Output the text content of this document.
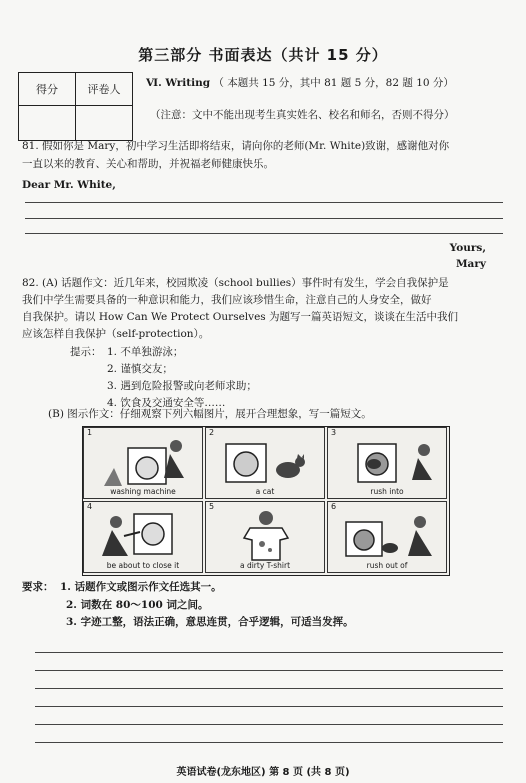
第三部分 书面表达（共计 15 分）
得分	评卷人
	Ⅵ. Writing （ 本题共 15 分，其中 81 题 5 分，82 题 10 分）
（注意：文中不能出现考生真实姓名、校名和师名，否则不得分）
81. 假如你是 Mary，初中学习生活即将结束，请向你的老师(Mr. White)致谢，感谢他对你
一直以来的教育、关心和帮助，并祝福老师健康快乐。
Dear Mr. White,
Yours,
Mary
82. (A) 话题作文：近几年来，校园欺凌（school bullies）事件时有发生，学会自我保护是
我们中学生需要具备的一种意识和能力，我们应该珍惜生命，注意自己的人身安全，做好
自我保护。请以 How Can We Protect Ourselves 为题写一篇英语短文，谈谈在生活中我们
应该怎样自我保护（self-protection）。
提示： 1. 不单独游泳；
2. 谨慎交友；
3. 遇到危险报警或向老师求助；
4. 饮食及交通安全等……
(B) 图示作文：仔细观察下列六幅图片，展开合理想象，写一篇短文。
1
washing machine
2
a cat
3
rush into
4
be about to close it
5
a dirty T-shirt
6
rush out of
要求： 1. 话题作文或图示作文任选其一。
2. 词数在 80～100 词之间。
3. 字迹工整，语法正确，意思连贯，合乎逻辑，可适当发挥。
英语试卷(龙东地区) 第 8 页 (共 8 页)
